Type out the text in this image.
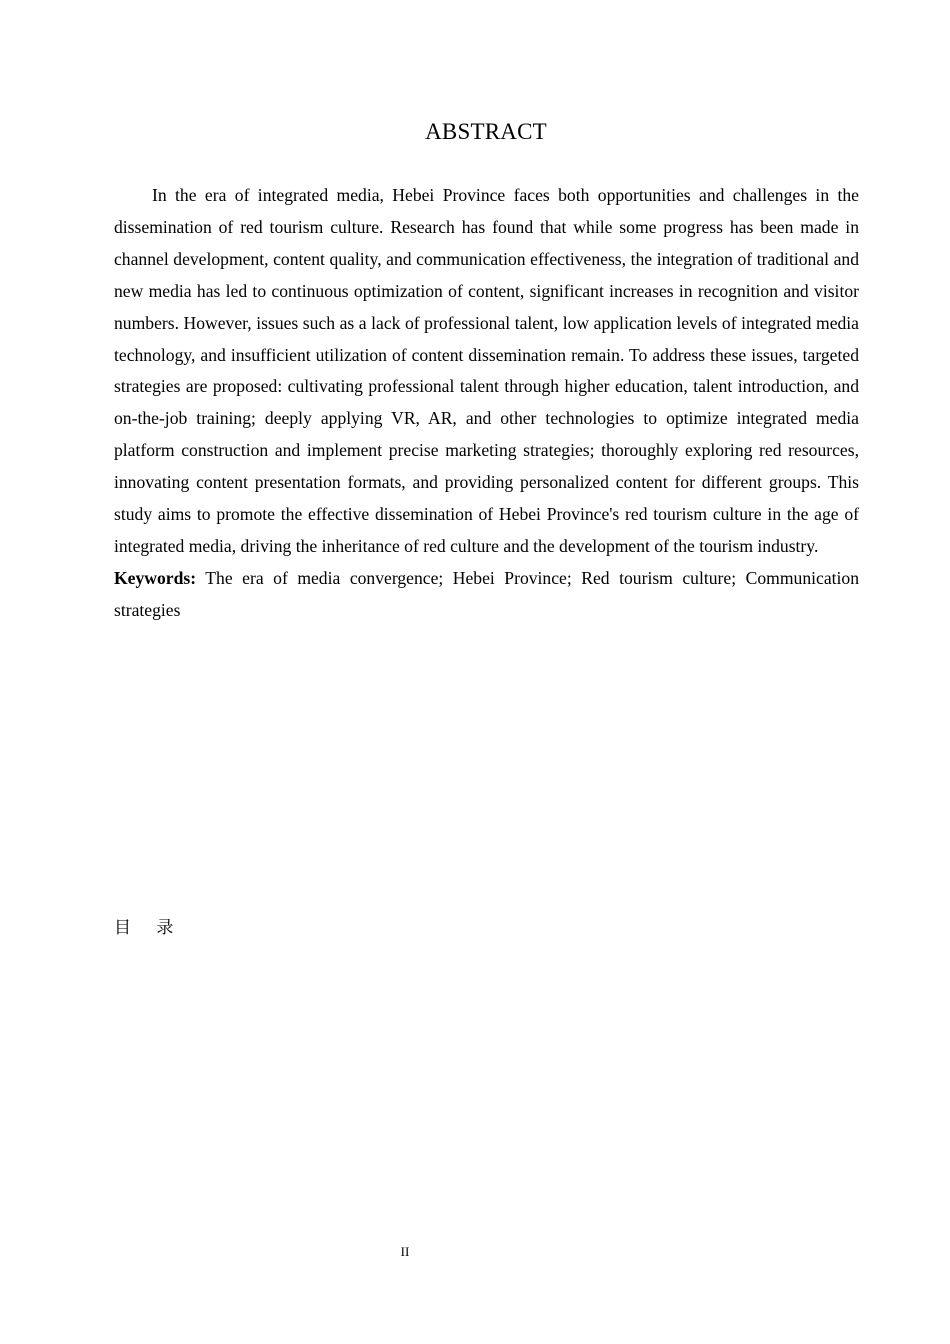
ABSTRACT

In the era of integrated media, Hebei Province faces both opportunities and challenges in the dissemination of red tourism culture. Research has found that while some progress has been made in channel development, content quality, and communication effectiveness, the integration of traditional and new media has led to continuous optimization of content, significant increases in recognition and visitor numbers. However, issues such as a lack of professional talent, low application levels of integrated media technology, and insufficient utilization of content dissemination remain. To address these issues, targeted strategies are proposed: cultivating professional talent through higher education, talent introduction, and on-the-job training; deeply applying VR, AR, and other technologies to optimize integrated media platform construction and implement precise marketing strategies; thoroughly exploring red resources, innovating content presentation formats, and providing personalized content for different groups. This study aims to promote the effective dissemination of Hebei Province's red tourism culture in the age of integrated media, driving the inheritance of red culture and the development of the tourism industry.

Keywords: The era of media convergence; Hebei Province; Red tourism culture; Communication strategies

目 录
II
